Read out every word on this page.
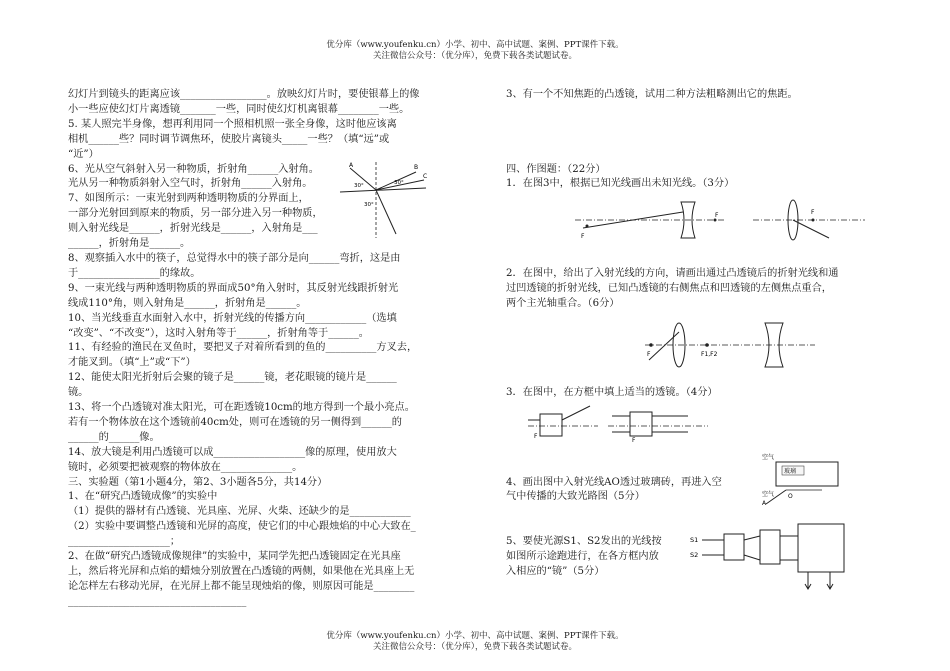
优分库（www.youfenku.cn）小学、初中、高中试题、案例、PPT课件下载。
关注微信公众号：（优分库），免费下载各类试题试卷。

幻灯片到镜头的距离应该_________________。放映幻灯片时，要使银幕上的像

小一些应使幻灯片离透镜_______一些，同时使幻灯机离银幕________一些。

5. 某人照完半身像，想再利用同一个照相机照一张全身像，这时他应该离

相机______些？同时调节调焦环，使胶片离镜头_____一些？（填“远”或

“近”）

6、光从空气斜射入另一种物质，折射角______入射角。

光从另一种物质斜射入空气时，折射角______入射角。

7、如图所示：一束光射到两种透明物质的分界面上，

一部分光射回到原来的物质，另一部分进入另一种物质，

则入射光线是______，折射光线是______，入射角是___

______，折射角是______。

8、观察插入水中的筷子，总觉得水中的筷子部分是向______弯折，这是由

于________________的缘故。

9、一束光线与两种透明物质的界面成50°角入射时，其反射光线跟折射光

线成110°角，则入射角是______，折射角是______。

10、当光线垂直水面射入水中，折射光线的传播方向____________（选填

“改变”、“不改变”），这时入射角等于______，折射角等于______。

11、有经验的渔民在叉鱼时，要把叉子对着所看到的鱼的__________方叉去，

才能叉到。（填“上”或“下”）

12、能使太阳光折射后会聚的镜子是______镜，老花眼镜的镜片是______

镜。

13、将一个凸透镜对准太阳光，可在距透镜10cm的地方得到一个最小亮点。

若有一个物体放在这个透镜前40cm处，则可在透镜的另一侧得到______的

______的______像。

14、放大镜是利用凸透镜可以成__________________像的原理，使用放大

镜时，必须要把被观察的物体放在______________。

三、实验题（第1小题4分，第2、3小题各5分，共14分）

1、在“研究凸透镜成像”的实验中

（1）提供的器材有凸透镜、光具座、光屏、火柴、还缺少的是____________

（2）实验中要调整凸透镜和光屏的高度，使它们的中心跟烛焰的中心大致在_

____________________；

2、在做“研究凸透镜成像规律”的实验中，某同学先把凸透镜固定在光具座

上，然后将光屏和点焰的蜡烛分别放置在凸透镜的两侧，如果他在光具座上无

论怎样左右移动光屏，在光屏上都不能呈现烛焰的像，则原因可能是________

___________________________________

A	B
C
30°	30°
30°

3、有一个不知焦距的凸透镜，试用二种方法粗略测出它的焦距。

四、作图题：（22分）

1．在图3中，根据已知光线画出未知光线。（3分）

2．在图中，给出了入射光线的方向，请画出通过凸透镜后的折射光线和通

过凹透镜的折射光线，已知凸透镜的右侧焦点和凹透镜的左侧焦点重合，

两个主光轴重合。（6分）

3．在图中，在方框中填上适当的透镜。（4分）

4、画出图中入射光线AO透过玻璃砖，再进入空

气中传播的大致光路图（5分）

5、要使光源S1、S2发出的光线按

如图所示途跑进行，在各方框内放

入相应的“镜”（5分）

F
F	F
F	F1,F2
F
F
空气
玻璃
空气 O
A
S1
S2
优分库（www.youfenku.cn）小学、初中、高中试题、案例、PPT课件下载。
关注微信公众号：（优分库），免费下载各类试题试卷。
